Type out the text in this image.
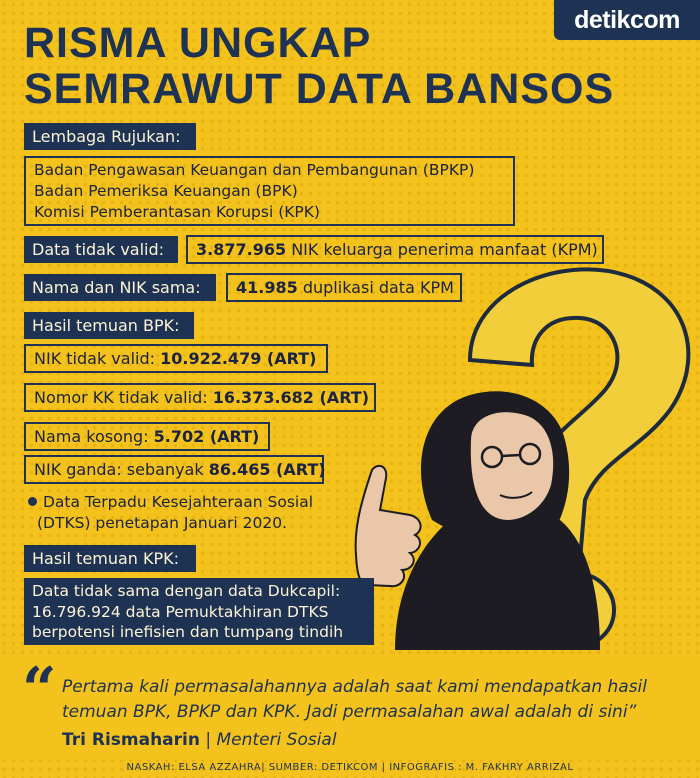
detikcom
RISMA UNGKAP
SEMRAWUT DATA BANSOS
Lembaga Rujukan:
Badan Pengawasan Keuangan dan Pembangunan (BPKP)
Badan Pemeriksa Keuangan (BPK)
Komisi Pemberantasan Korupsi (KPK)
Data tidak valid:	3.877.965 NIK keluarga penerima manfaat (KPM)
Nama dan NIK sama:	41.985 duplikasi data KPM
Hasil temuan BPK:
NIK tidak valid: 10.922.479 (ART)
Nomor KK tidak valid: 16.373.682 (ART)
Nama kosong: 5.702 (ART)
NIK ganda: sebanyak 86.465 (ART)
Data Terpadu Kesejahteraan Sosial
(DTKS) penetapan Januari 2020.
Hasil temuan KPK:
Data tidak sama dengan data Dukcapil:
16.796.924 data Pemuktakhiran DTKS
berpotensi inefisien dan tumpang tindih
“ Pertama kali permasalahannya adalah saat kami mendapatkan hasil
temuan BPK, BPKP dan KPK. Jadi permasalahan awal adalah di sini”
Tri Rismaharin | Menteri Sosial
NASKAH: ELSA AZZAHRA| SUMBER: DETIKCOM | INFOGRAFIS : M. FAKHRY ARRIZAL
